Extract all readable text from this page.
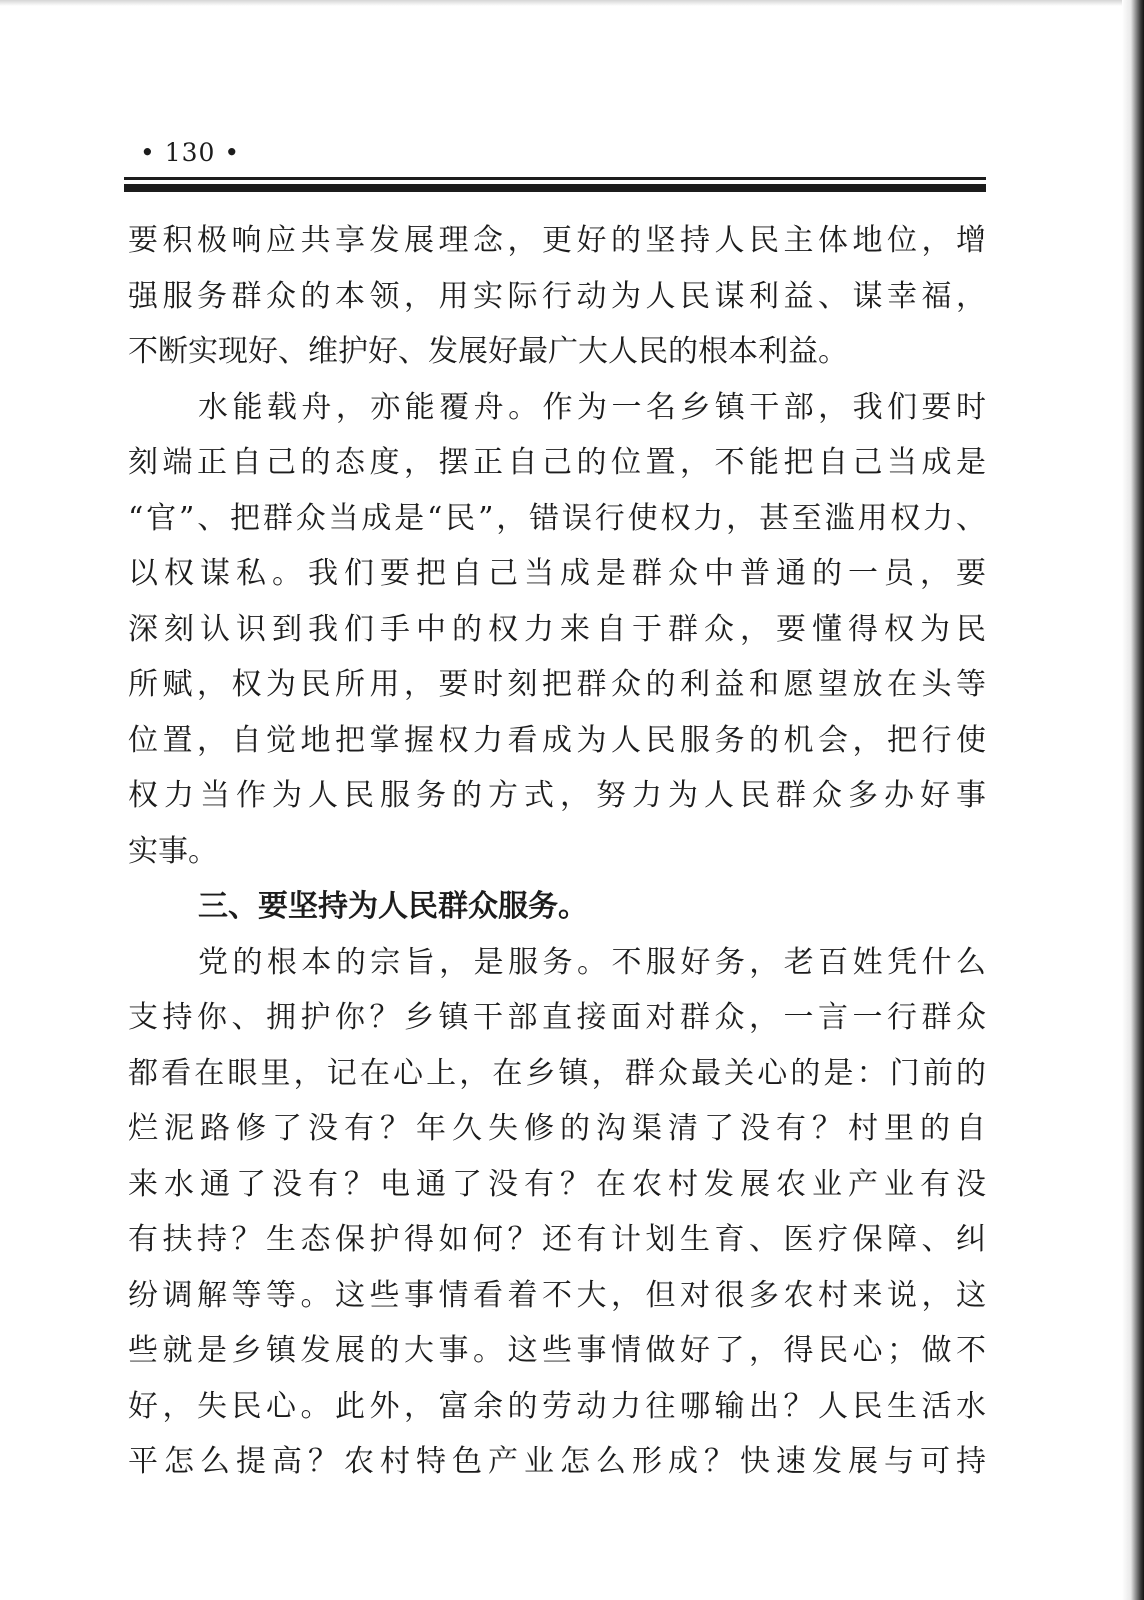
• 130 •
要积极响应共享发展理念，更好的坚持人民主体地位，增
强服务群众的本领，用实际行动为人民谋利益、谋幸福，
不断实现好、维护好、发展好最广大人民的根本利益。
水能载舟，亦能覆舟。作为一名乡镇干部，我们要时
刻端正自己的态度，摆正自己的位置，不能把自己当成是
“官”、把群众当成是“民”，错误行使权力，甚至滥用权力、
以权谋私。我们要把自己当成是群众中普通的一员，要
深刻认识到我们手中的权力来自于群众，要懂得权为民
所赋，权为民所用，要时刻把群众的利益和愿望放在头等
位置，自觉地把掌握权力看成为人民服务的机会，把行使
权力当作为人民服务的方式，努力为人民群众多办好事
实事。
三、要坚持为人民群众服务。
党的根本的宗旨，是服务。不服好务，老百姓凭什么
支持你、拥护你？乡镇干部直接面对群众，一言一行群众
都看在眼里，记在心上，在乡镇，群众最关心的是：门前的
烂泥路修了没有？年久失修的沟渠清了没有？村里的自
来水通了没有？电通了没有？在农村发展农业产业有没
有扶持？生态保护得如何？还有计划生育、医疗保障、纠
纷调解等等。这些事情看着不大，但对很多农村来说，这
些就是乡镇发展的大事。这些事情做好了，得民心；做不
好，失民心。此外，富余的劳动力往哪输出？人民生活水
平怎么提高？农村特色产业怎么形成？快速发展与可持
